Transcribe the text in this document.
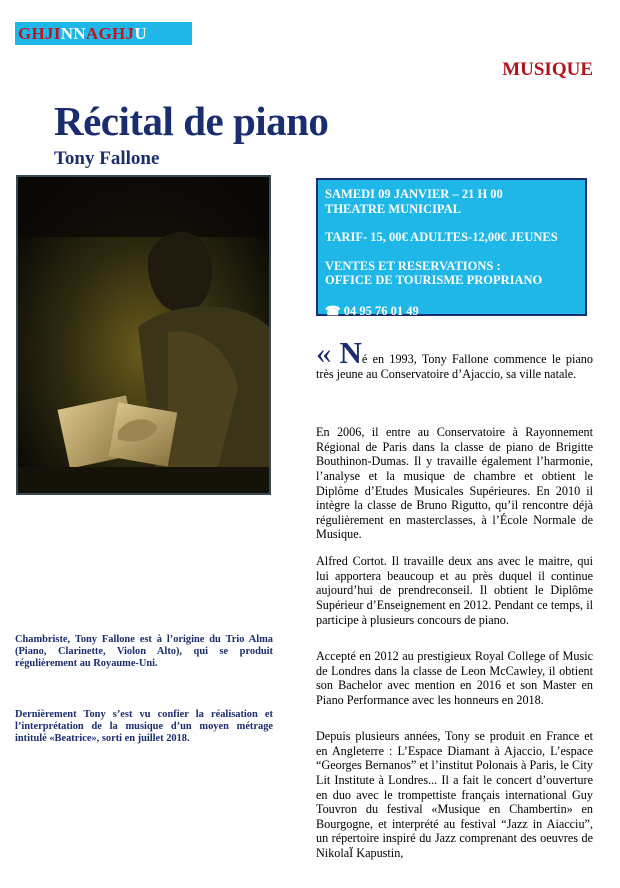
GHJINNAGHJU
MUSIQUE
Récital de piano
Tony Fallone
SAMEDI 09 JANVIER – 21 H 00
THEATRE MUNICIPAL
TARIF- 15, 00€ ADULTES-12,00€ JEUNES
VENTES ET RESERVATIONS :
OFFICE DE TOURISME PROPRIANO
☎ 04 95 76 01 49
Chambriste, Tony Fallone est à l’origine du Trio Alma (Piano, Clarinette, Violon Alto), qui se produit régulièrement au Royaume-Uni.
Dernièrement Tony s’est vu confier la réalisation et l’interprétation de la musique d’un moyen métrage intitulé «Beatrice», sorti en juillet 2018.
« Né en 1993, Tony Fallone commence le piano très jeune au Conservatoire d’Ajaccio, sa ville natale.

En 2006, il entre au Conservatoire à Rayonnement Régional de Paris dans la classe de piano de Brigitte Bouthinon-Dumas. Il y travaille également l’harmonie, l’analyse et la musique de chambre et obtient le Diplôme d’Etudes Musicales Supérieures. En 2010 il intègre la classe de Bruno Rigutto, qu’il rencontre déjà régulièrement en masterclasses, à l’École Normale de Musique.

Alfred Cortot. Il travaille deux ans avec le maitre, qui lui apportera beaucoup et au près duquel il continue aujourd’hui de prendreconseil. Il obtient le Diplôme Supérieur d’Enseignement en 2012. Pendant ce temps, il participe à plusieurs concours de piano.

Accepté en 2012 au prestigieux Royal College of Music de Londres dans la classe de Leon McCawley, il obtient son Bachelor avec mention en 2016 et son Master en Piano Performance avec les honneurs en 2018.

Depuis plusieurs années, Tony se produit en France et en Angleterre : L’Espace Diamant à Ajaccio, L’espace “Georges Bernanos” et l’institut Polonais à Paris, le City Lit Institute à Londres... Il a fait le concert d’ouverture en duo avec le trompettiste français international Guy Touvron du festival «Musique en Chambertin» en Bourgogne, et interprété au festival “Jazz in Aiacciu”, un répertoire inspiré du Jazz comprenant des oeuvres de NikolaЇ Kapustin,
